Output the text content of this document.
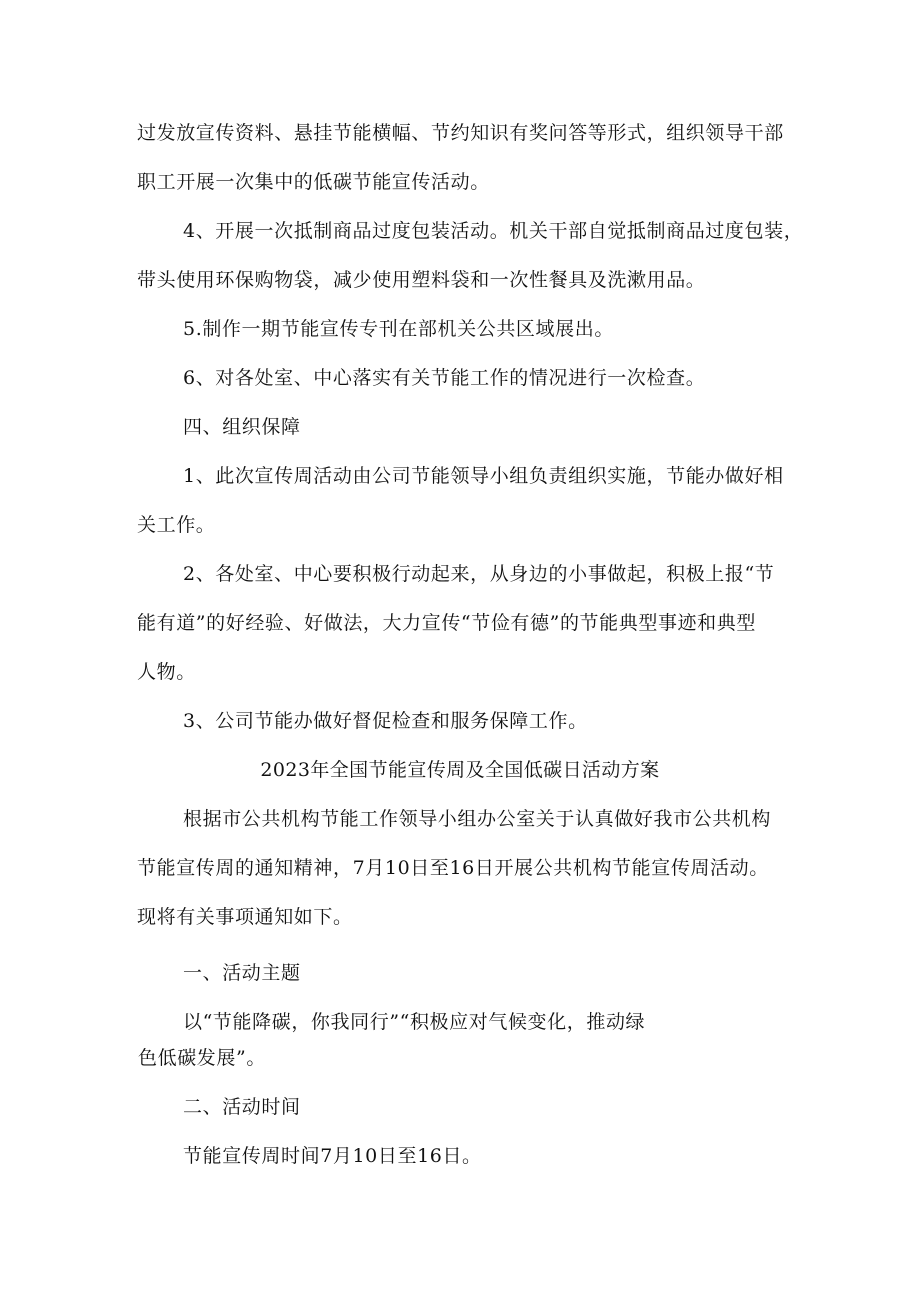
过发放宣传资料、悬挂节能横幅、节约知识有奖问答等形式，组织领导干部
职工开展一次集中的低碳节能宣传活动。
4、开展一次抵制商品过度包装活动。机关干部自觉抵制商品过度包装，
带头使用环保购物袋，减少使用塑料袋和一次性餐具及洗漱用品。
5.制作一期节能宣传专刊在部机关公共区域展出。
6、对各处室、中心落实有关节能工作的情况进行一次检查。
四、组织保障
1、此次宣传周活动由公司节能领导小组负责组织实施，节能办做好相
关工作。
2、各处室、中心要积极行动起来，从身边的小事做起，积极上报“节
能有道”的好经验、好做法，大力宣传“节俭有德”的节能典型事迹和典型
人物。
3、公司节能办做好督促检查和服务保障工作。
2023年全国节能宣传周及全国低碳日活动方案
根据市公共机构节能工作领导小组办公室关于认真做好我市公共机构
节能宣传周的通知精神，7月10日至16日开展公共机构节能宣传周活动。
现将有关事项通知如下。
一、活动主题
以“节能降碳，你我同行”“积极应对气候变化，推动绿
色低碳发展”。
二、活动时间
节能宣传周时间7月10日至16日。
